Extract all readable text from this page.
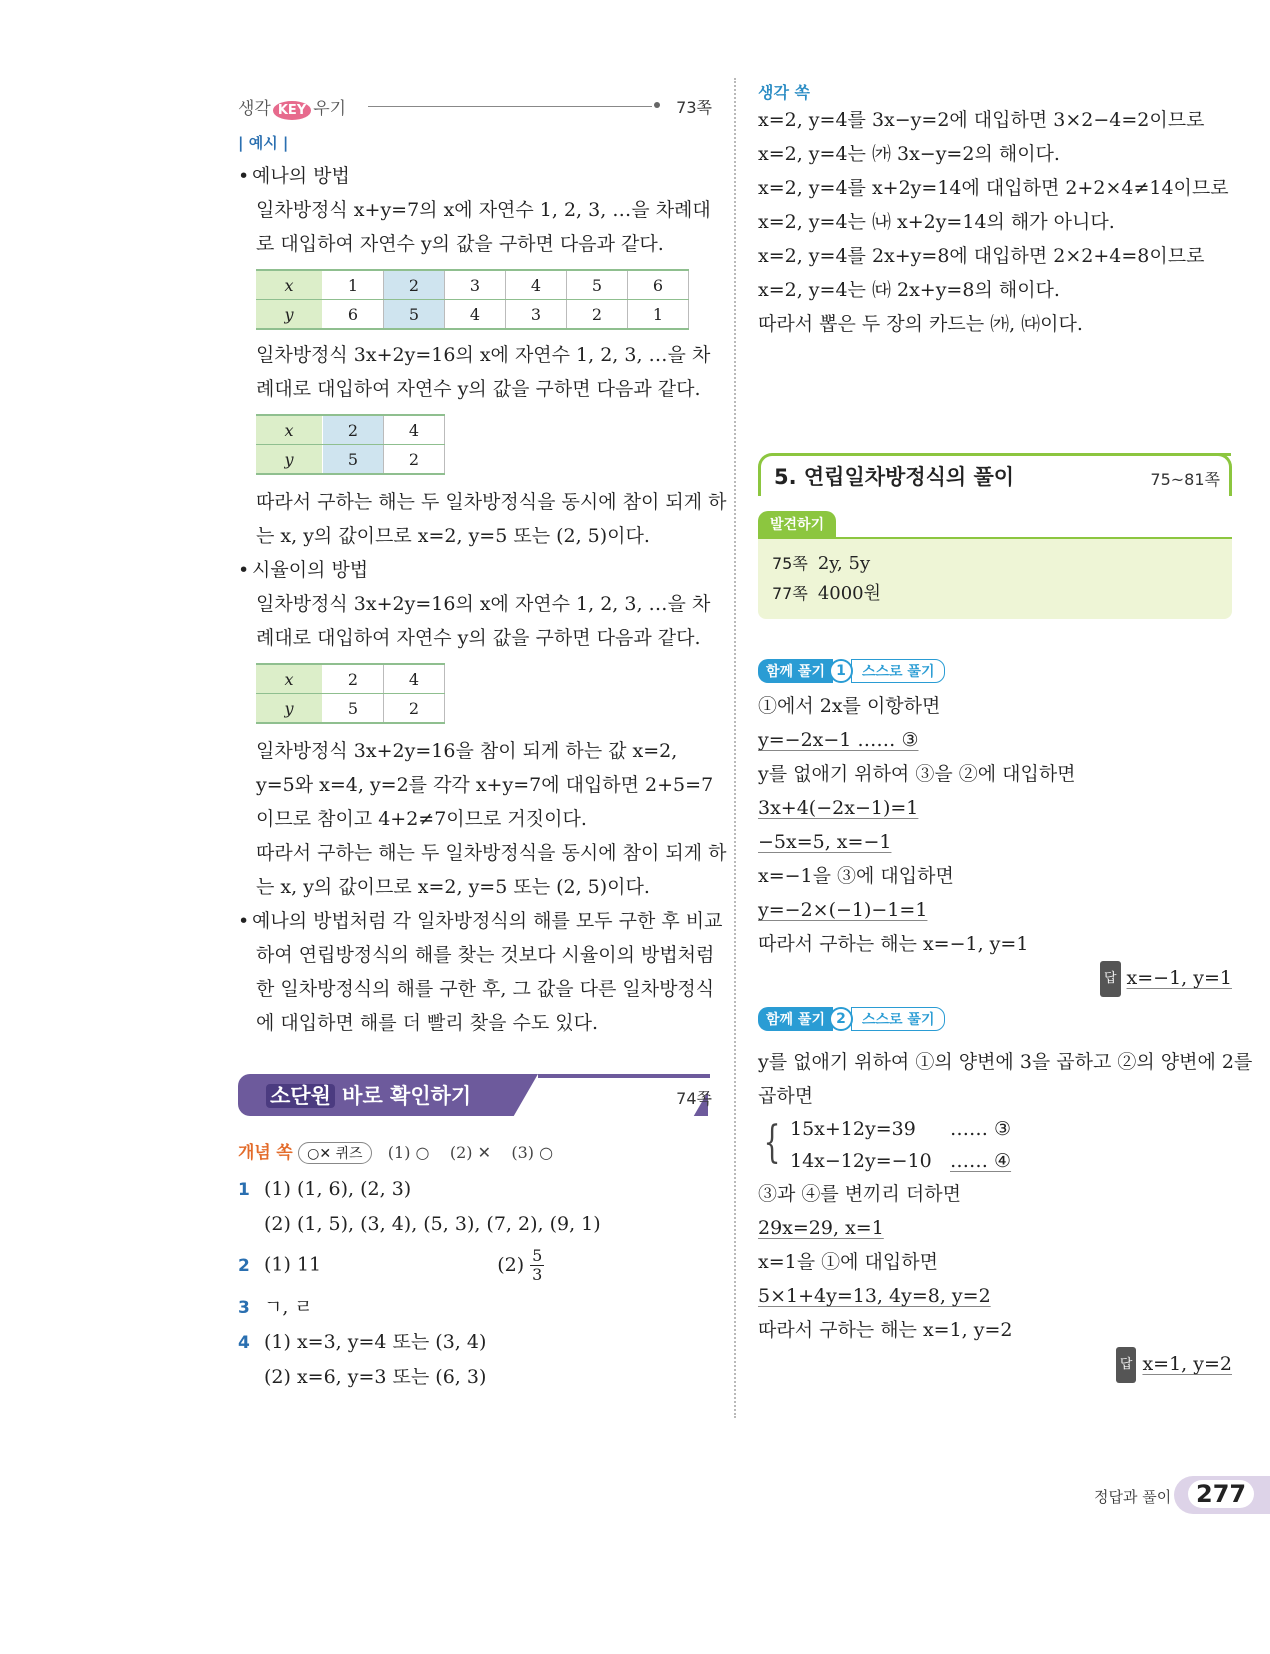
생각 KEY 우기	73쪽

| 예시 |

• 예나의 방법

일차방정식 x+y=7의 x에 자연수 1, 2, 3, …을 차례대

로 대입하여 자연수 y의 값을 구하면 다음과 같다.

x	1	2	3	4	5	6
y	6	5	4	3	2	1

일차방정식 3x+2y=16의 x에 자연수 1, 2, 3, …을 차

례대로 대입하여 자연수 y의 값을 구하면 다음과 같다.

x	2	4
y	5	2

따라서 구하는 해는 두 일차방정식을 동시에 참이 되게 하

는 x, y의 값이므로 x=2, y=5 또는 (2, 5)이다.

• 시율이의 방법

일차방정식 3x+2y=16의 x에 자연수 1, 2, 3, …을 차

례대로 대입하여 자연수 y의 값을 구하면 다음과 같다.

x	2	4
y	5	2

일차방정식 3x+2y=16을 참이 되게 하는 값 x=2,

y=5와 x=4, y=2를 각각 x+y=7에 대입하면 2+5=7

이므로 참이고 4+2≠7이므로 거짓이다.

따라서 구하는 해는 두 일차방정식을 동시에 참이 되게 하

는 x, y의 값이므로 x=2, y=5 또는 (2, 5)이다.

• 예나의 방법처럼 각 일차방정식의 해를 모두 구한 후 비교

하여 연립방정식의 해를 찾는 것보다 시율이의 방법처럼

한 일차방정식의 해를 구한 후, 그 값을 다른 일차방정식

에 대입하면 해를 더 빨리 찾을 수도 있다.

소단원 바로 확인하기	74쪽

개념 쏙 ○✕ 퀴즈 (1) ○    (2) ✕    (3) ○

1 (1) (1, 6), (2, 3)

(2) (1, 5), (3, 4), (5, 3), (7, 2), (9, 1)

2 (1) 11	$(2) \frac{5}{3}$

3 ㄱ, ㄹ

4 (1) x=3, y=4 또는 (3, 4)

(2) x=6, y=3 또는 (6, 3)

생각 쏙

x=2, y=4를 3x−y=2에 대입하면 3×2−4=2이므로

x=2, y=4는 ㈎ 3x−y=2의 해이다.

x=2, y=4를 x+2y=14에 대입하면 2+2×4≠14이므로

x=2, y=4는 ㈏ x+2y=14의 해가 아니다.

x=2, y=4를 2x+y=8에 대입하면 2×2+4=8이므로

x=2, y=4는 ㈐ 2x+y=8의 해이다.

따라서 뽑은 두 장의 카드는 ㈎, ㈐이다.

5. 연립일차방정식의 풀이	75~81쪽
발견하기

75쪽 2y, 5y

77쪽 4000원

함께 풀기 1	스스로 풀기

①에서 2x를 이항하면

y=−2x−1 …… ③

y를 없애기 위하여 ③을 ②에 대입하면

3x+4(−2x−1)=1

−5x=5, x=−1

x=−1을 ③에 대입하면

y=−2×(−1)−1=1

따라서 구하는 해는 x=−1, y=1

답 x=−1, y=1

함께 풀기 2	스스로 풀기

y를 없애기 위하여 ①의 양변에 3을 곱하고 ②의 양변에 2를

곱하면

{ 15x+12y=39 …… ③

14x−12y=−10 …… ④

③과 ④를 변끼리 더하면

29x=29, x=1

x=1을 ①에 대입하면

5×1+4y=13, 4y=8, y=2

따라서 구하는 해는 x=1, y=2

답 x=1, y=2

정답과 풀이	277
